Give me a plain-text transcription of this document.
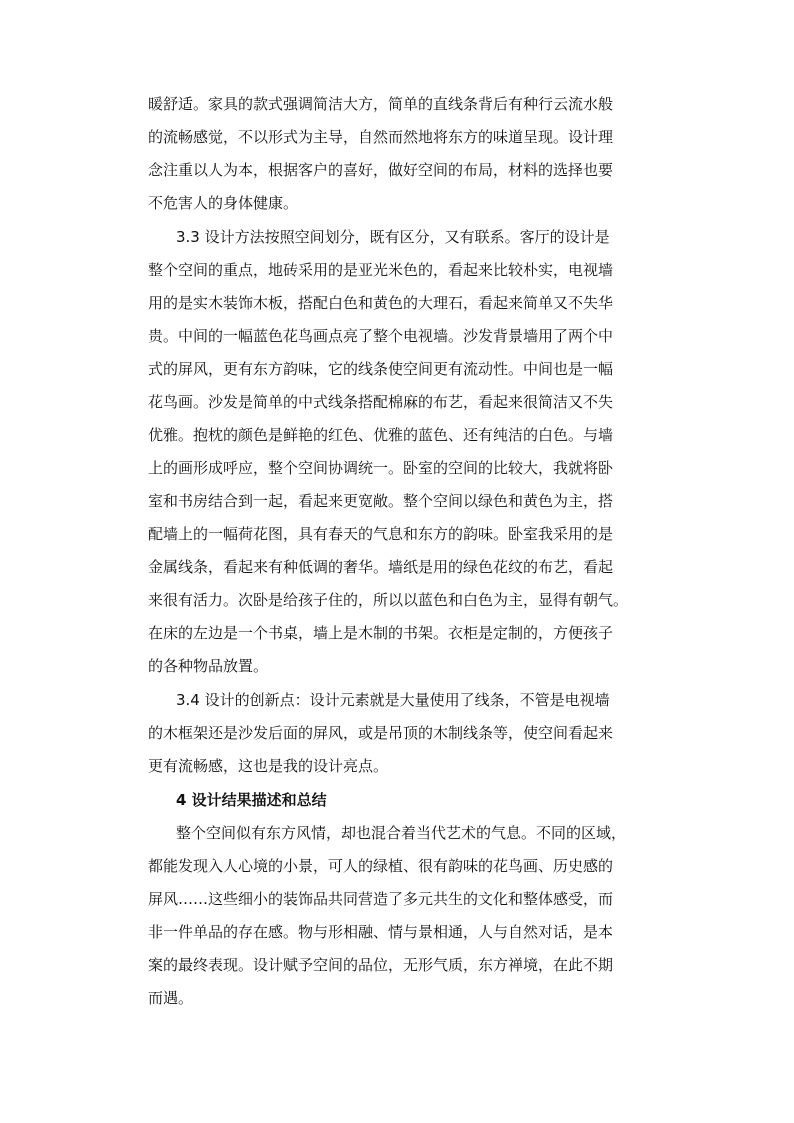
暖舒适。家具的款式强调简洁大方，简单的直线条背后有种行云流水般
的流畅感觉，不以形式为主导，自然而然地将东方的味道呈现。设计理
念注重以人为本，根据客户的喜好，做好空间的布局，材料的选择也要
不危害人的身体健康。
3.3 设计方法按照空间划分，既有区分，又有联系。客厅的设计是
整个空间的重点，地砖采用的是亚光米色的，看起来比较朴实，电视墙
用的是实木装饰木板，搭配白色和黄色的大理石，看起来简单又不失华
贵。中间的一幅蓝色花鸟画点亮了整个电视墙。沙发背景墙用了两个中
式的屏风，更有东方韵味，它的线条使空间更有流动性。中间也是一幅
花鸟画。沙发是简单的中式线条搭配棉麻的布艺，看起来很简洁又不失
优雅。抱枕的颜色是鲜艳的红色、优雅的蓝色、还有纯洁的白色。与墙
上的画形成呼应，整个空间协调统一。卧室的空间的比较大，我就将卧
室和书房结合到一起，看起来更宽敞。整个空间以绿色和黄色为主，搭
配墙上的一幅荷花图，具有春天的气息和东方的韵味。卧室我采用的是
金属线条，看起来有种低调的奢华。墙纸是用的绿色花纹的布艺，看起
来很有活力。次卧是给孩子住的，所以以蓝色和白色为主，显得有朝气。
在床的左边是一个书桌，墙上是木制的书架。衣柜是定制的，方便孩子
的各种物品放置。
3.4 设计的创新点：设计元素就是大量使用了线条，不管是电视墙
的木框架还是沙发后面的屏风，或是吊顶的木制线条等，使空间看起来
更有流畅感，这也是我的设计亮点。
4 设计结果描述和总结
整个空间似有东方风情，却也混合着当代艺术的气息。不同的区域，
都能发现入人心境的小景，可人的绿植、很有韵味的花鸟画、历史感的
屏风……这些细小的装饰品共同营造了多元共生的文化和整体感受，而
非一件单品的存在感。物与形相融、情与景相通，人与自然对话，是本
案的最终表现。设计赋予空间的品位，无形气质，东方禅境，在此不期
而遇。
